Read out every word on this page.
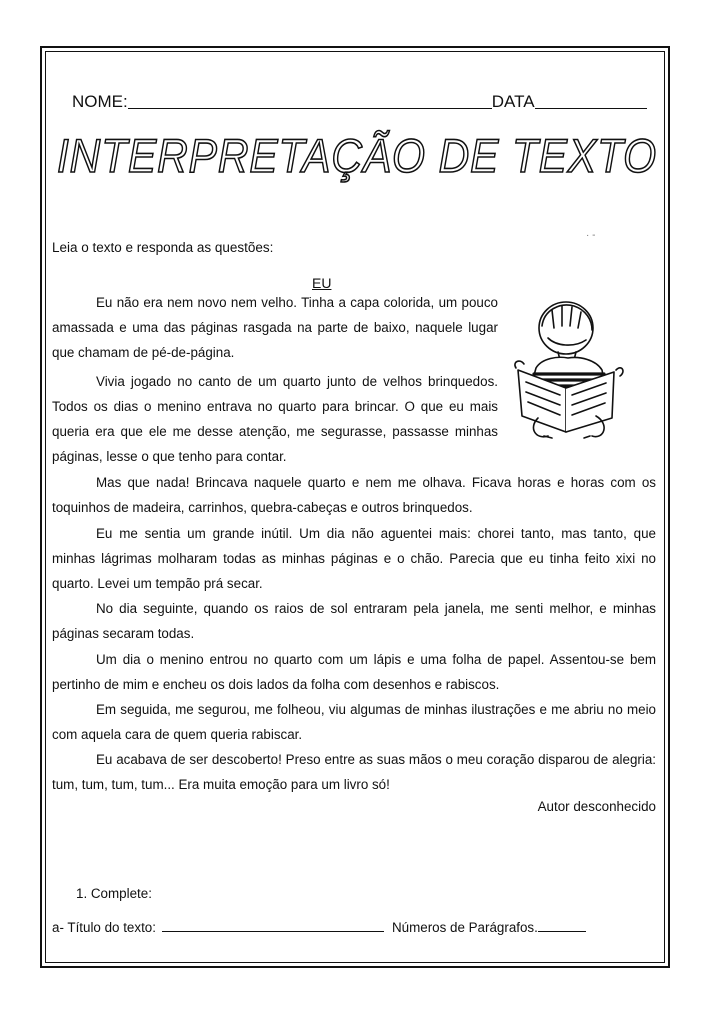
NOME:	DATA
INTERPRETAÇÃO DE TEXTO
Leia o texto e responda as questões:
EU

Eu não era nem novo nem velho. Tinha a capa colorida, um pouco amassada e uma das páginas rasgada na parte de baixo, naquele lugar que chamam de pé-de-página.

Vivia jogado no canto de um quarto junto de velhos brinquedos. Todos os dias o menino entrava no quarto para brincar. O que eu mais queria era que ele me desse atenção, me segurasse, passasse minhas páginas, lesse o que tenho para contar.

Mas que nada! Brincava naquele quarto e nem me olhava. Ficava horas e horas com os toquinhos de madeira, carrinhos, quebra-cabeças e outros brinquedos.

Eu me sentia um grande inútil. Um dia não aguentei mais: chorei tanto, mas tanto, que minhas lágrimas molharam todas as minhas páginas e o chão. Parecia que eu tinha feito xixi no quarto. Levei um tempão prá secar.

No dia seguinte, quando os raios de sol entraram pela janela, me senti melhor, e minhas páginas secaram todas.

Um dia o menino entrou no quarto com um lápis e uma folha de papel. Assentou-se bem pertinho de mim e encheu os dois lados da folha com desenhos e rabiscos.

Em seguida, me segurou, me folheou, viu algumas de minhas ilustrações e me abriu no meio com aquela cara de quem queria rabiscar.

Eu acabava de ser descoberto! Preso entre as suas mãos o meu coração disparou de alegria: tum, tum, tum, tum... Era muita emoção para um livro só!

Autor desconhecido
1. Complete:
a- Título do texto:	Números de Parágrafos.
· -
